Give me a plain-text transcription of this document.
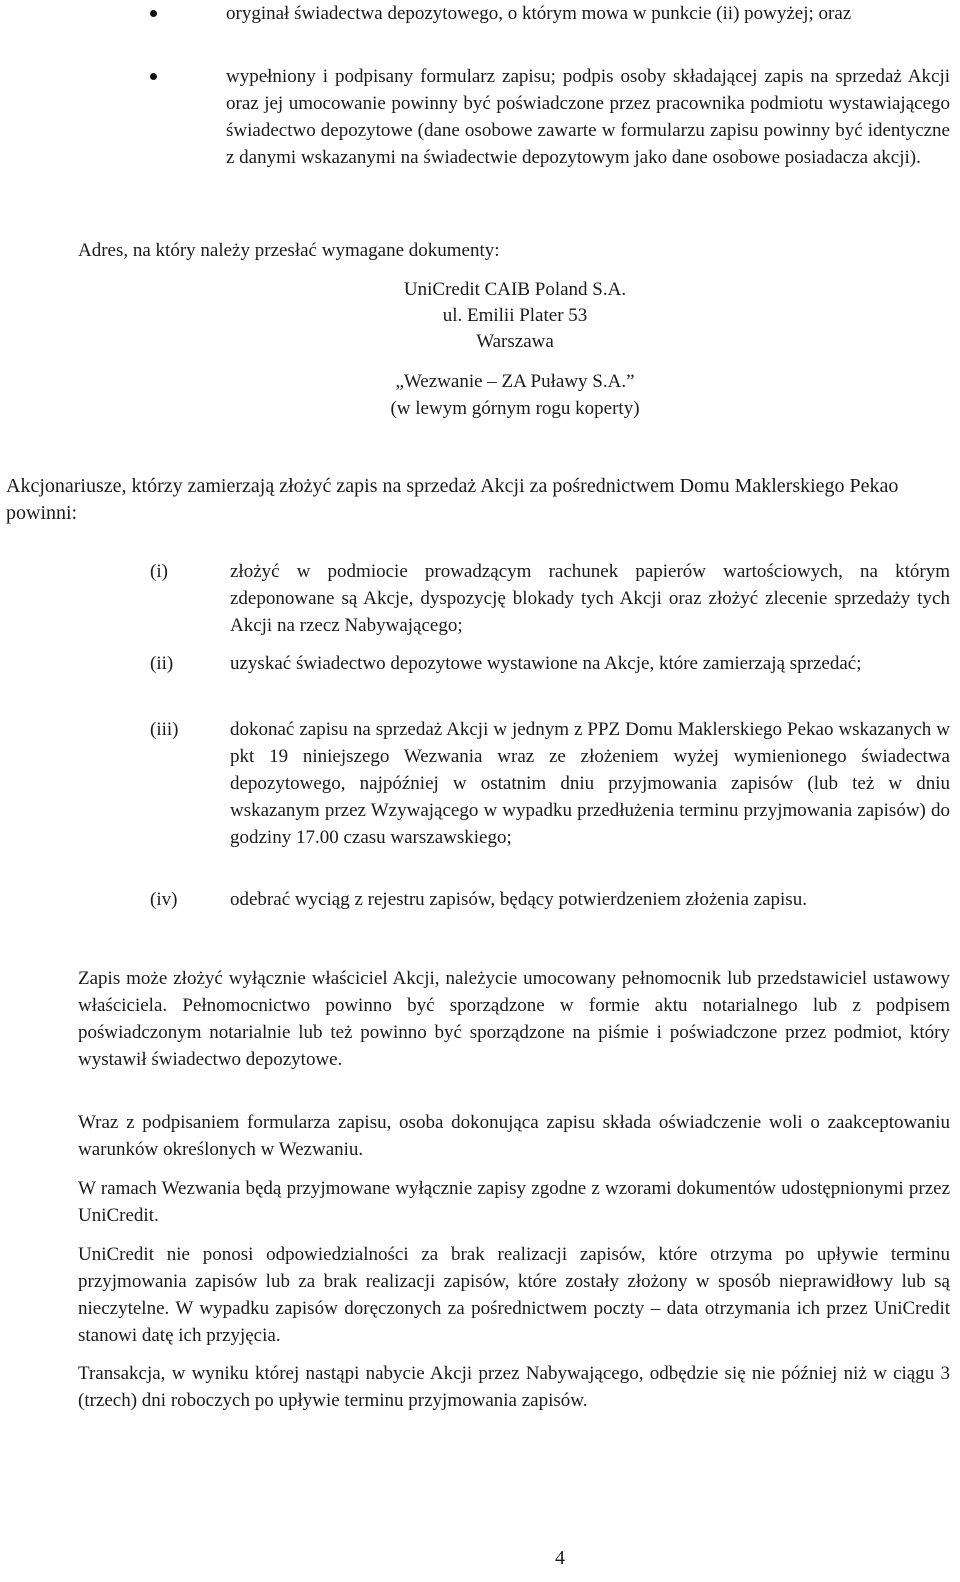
oryginał świadectwa depozytowego, o którym mowa w punkcie (ii) powyżej; oraz
wypełniony i podpisany formularz zapisu; podpis osoby składającej zapis na sprzedaż Akcji oraz jej umocowanie powinny być poświadczone przez pracownika podmiotu wystawiającego świadectwo depozytowe (dane osobowe zawarte w formularzu zapisu powinny być identyczne z danymi wskazanymi na świadectwie depozytowym jako dane osobowe posiadacza akcji).
Adres, na który należy przesłać wymagane dokumenty:
UniCredit CAIB Poland S.A.
ul. Emilii Plater 53
Warszawa
„Wezwanie – ZA Puławy S.A.”
(w lewym górnym rogu koperty)
Akcjonariusze, którzy zamierzają złożyć zapis na sprzedaż Akcji za pośrednictwem Domu Maklerskiego Pekao powinni:
(i)	złożyć w podmiocie prowadzącym rachunek papierów wartościowych, na którym zdeponowane są Akcje, dyspozycję blokady tych Akcji oraz złożyć zlecenie sprzedaży tych Akcji na rzecz Nabywającego;
(ii)	uzyskać świadectwo depozytowe wystawione na Akcje, które zamierzają sprzedać;
(iii)	dokonać zapisu na sprzedaż Akcji w jednym z PPZ Domu Maklerskiego Pekao wskazanych w pkt 19 niniejszego Wezwania wraz ze złożeniem wyżej wymienionego świadectwa depozytowego, najpóźniej w ostatnim dniu przyjmowania zapisów (lub też w dniu wskazanym przez Wzywającego w wypadku przedłużenia terminu przyjmowania zapisów) do godziny 17.00 czasu warszawskiego;
(iv)	odebrać wyciąg z rejestru zapisów, będący potwierdzeniem złożenia zapisu.
Zapis może złożyć wyłącznie właściciel Akcji, należycie umocowany pełnomocnik lub przedstawiciel ustawowy właściciela. Pełnomocnictwo powinno być sporządzone w formie aktu notarialnego lub z podpisem poświadczonym notarialnie lub też powinno być sporządzone na piśmie i poświadczone przez podmiot, który wystawił świadectwo depozytowe.
Wraz z podpisaniem formularza zapisu, osoba dokonująca zapisu składa oświadczenie woli o zaakceptowaniu warunków określonych w Wezwaniu.
W ramach Wezwania będą przyjmowane wyłącznie zapisy zgodne z wzorami dokumentów udostępnionymi przez UniCredit.
UniCredit nie ponosi odpowiedzialności za brak realizacji zapisów, które otrzyma po upływie terminu przyjmowania zapisów lub za brak realizacji zapisów, które zostały złożony w sposób nieprawidłowy lub są nieczytelne. W wypadku zapisów doręczonych za pośrednictwem poczty – data otrzymania ich przez UniCredit stanowi datę ich przyjęcia.
Transakcja, w wyniku której nastąpi nabycie Akcji przez Nabywającego, odbędzie się nie później niż w ciągu 3 (trzech) dni roboczych po upływie terminu przyjmowania zapisów.
4
